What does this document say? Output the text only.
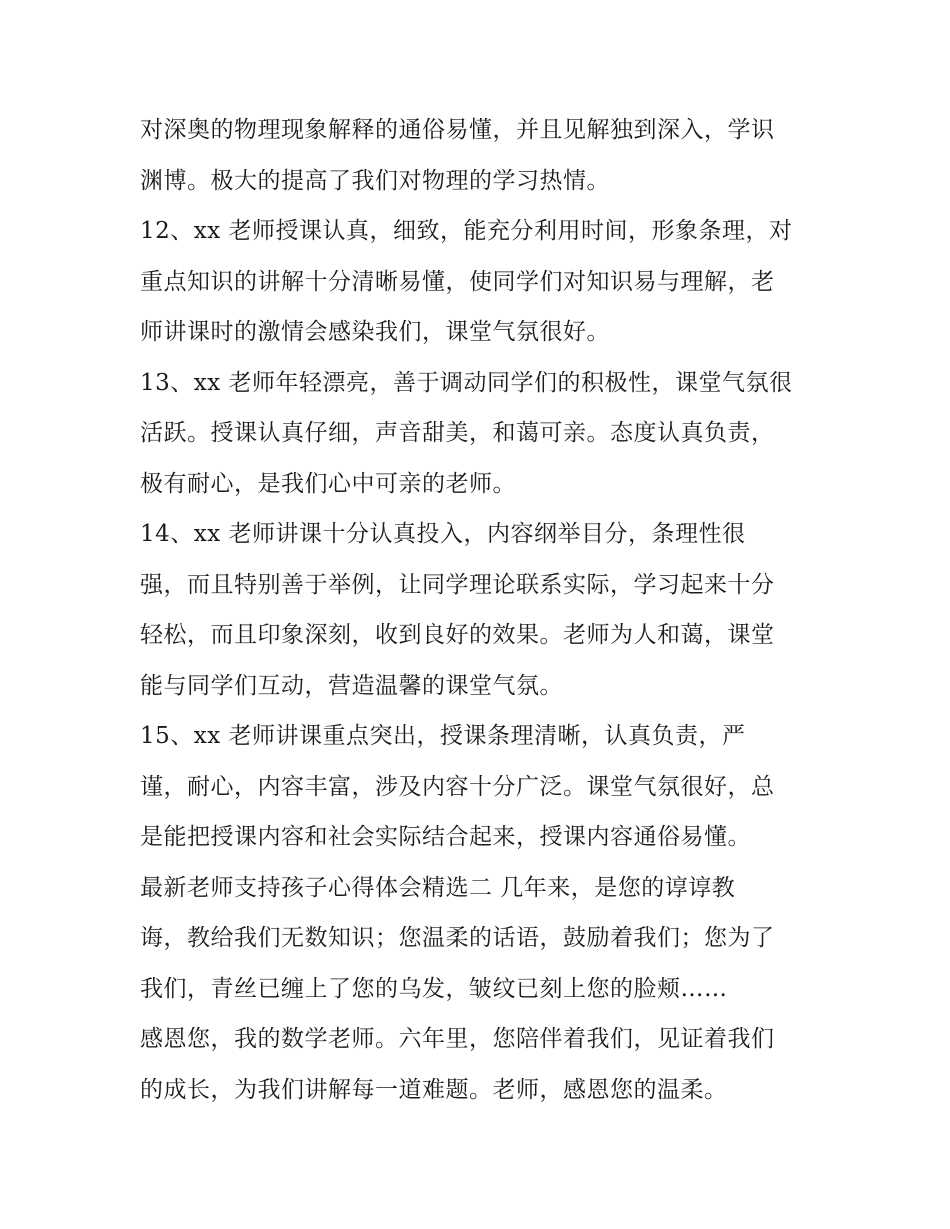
对深奥的物理现象解释的通俗易懂，并且见解独到深入，学识
渊博。极大的提高了我们对物理的学习热情。
12、xx 老师授课认真，细致，能充分利用时间，形象条理，对
重点知识的讲解十分清晰易懂，使同学们对知识易与理解，老
师讲课时的激情会感染我们，课堂气氛很好。
13、xx 老师年轻漂亮，善于调动同学们的积极性，课堂气氛很
活跃。授课认真仔细，声音甜美，和蔼可亲。态度认真负责，
极有耐心，是我们心中可亲的老师。
14、xx 老师讲课十分认真投入，内容纲举目分，条理性很
强，而且特别善于举例，让同学理论联系实际，学习起来十分
轻松，而且印象深刻，收到良好的效果。老师为人和蔼，课堂
能与同学们互动，营造温馨的课堂气氛。
15、xx 老师讲课重点突出，授课条理清晰，认真负责，严
谨，耐心，内容丰富，涉及内容十分广泛。课堂气氛很好，总
是能把授课内容和社会实际结合起来，授课内容通俗易懂。
最新老师支持孩子心得体会精选二 几年来，是您的谆谆教
诲，教给我们无数知识；您温柔的话语，鼓励着我们；您为了
我们，青丝已缠上了您的乌发，皱纹已刻上您的脸颊……
感恩您，我的数学老师。六年里，您陪伴着我们，见证着我们
的成长，为我们讲解每一道难题。老师，感恩您的温柔。
